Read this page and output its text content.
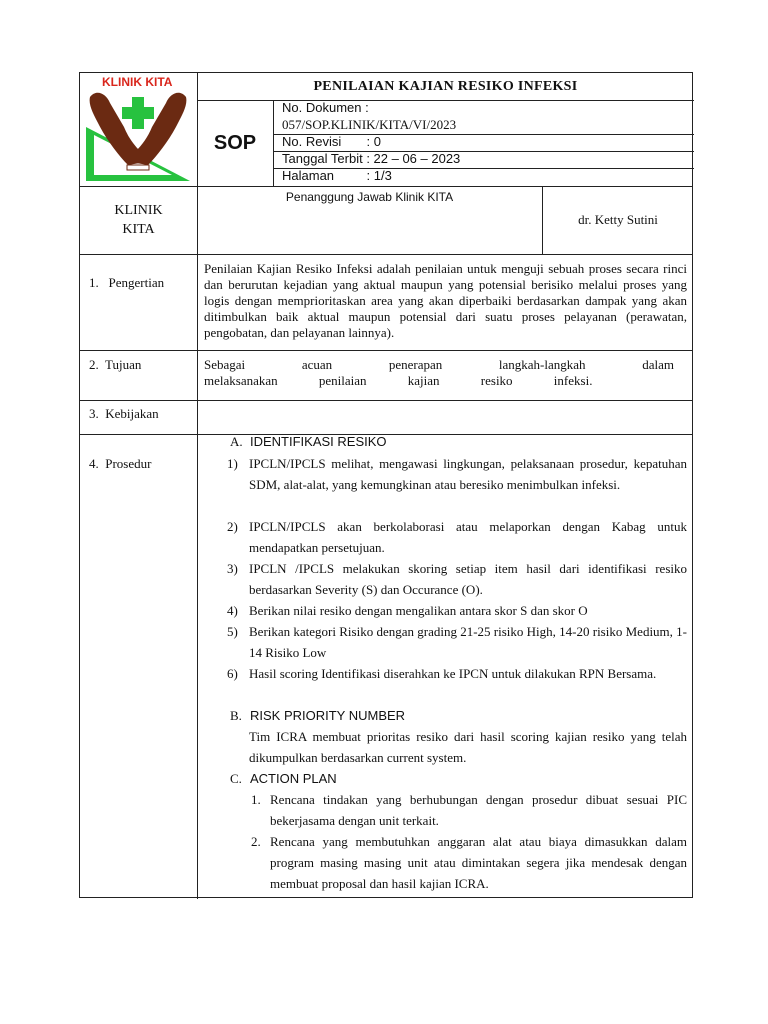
KLINIK KITA	PENILAIAN KAJIAN RESIKO INFEKSI
SOP
No. Dokumen :
057/SOP.KLINIK/KITA/VI/2023
No. Revisi       : 0
Tanggal Terbit : 22 – 06 – 2023
Halaman         : 1/3
KLINIK KITA
Penanggung Jawab Klinik KITA
dr. Ketty Sutini
1.   Pengertian
2.  Tujuan
3.  Kebijakan
4.  Prosedur
Penilaian Kajian Resiko Infeksi adalah penilaian untuk menguji sebuah proses secara rinci dan berurutan kejadian yang aktual maupun yang potensial berisiko melalui proses yang logis dengan memprioritaskan area yang akan diperbaiki berdasarkan dampak yang akan ditimbulkan baik aktual maupun potensial dari suatu proses pelayanan (perawatan, pengobatan, dan pelayanan lainnya).
Sebagai acuan penerapan langkah-langkah dalam melaksanakan penilaian kajian resiko infeksi.
A. IDENTIFIKASI RESIKO
1) IPCLN/IPCLS melihat, mengawasi lingkungan, pelaksanaan prosedur, kepatuhan SDM, alat-alat, yang kemungkinan atau beresiko menimbulkan infeksi.
2) IPCLN/IPCLS akan berkolaborasi atau melaporkan dengan Kabag untuk mendapatkan persetujuan.
3) IPCLN /IPCLS melakukan skoring setiap item hasil dari identifikasi resiko berdasarkan Severity (S) dan Occurance (O).
4) Berikan nilai resiko dengan mengalikan antara skor S dan skor O
5) Berikan kategori Risiko dengan grading 21-25 risiko High, 14-20 risiko Medium, 1-14 Risiko Low
6) Hasil scoring Identifikasi diserahkan ke IPCN untuk dilakukan RPN Bersama.
B. RISK PRIORITY NUMBER
Tim ICRA membuat prioritas resiko dari hasil scoring kajian resiko yang telah dikumpulkan berdasarkan current system.
C. ACTION PLAN
1. Rencana tindakan yang berhubungan dengan prosedur dibuat sesuai PIC bekerjasama dengan unit terkait.
2. Rencana yang membutuhkan anggaran alat atau biaya dimasukkan dalam program masing masing unit atau dimintakan segera jika mendesak dengan membuat proposal dan hasil kajian ICRA.
